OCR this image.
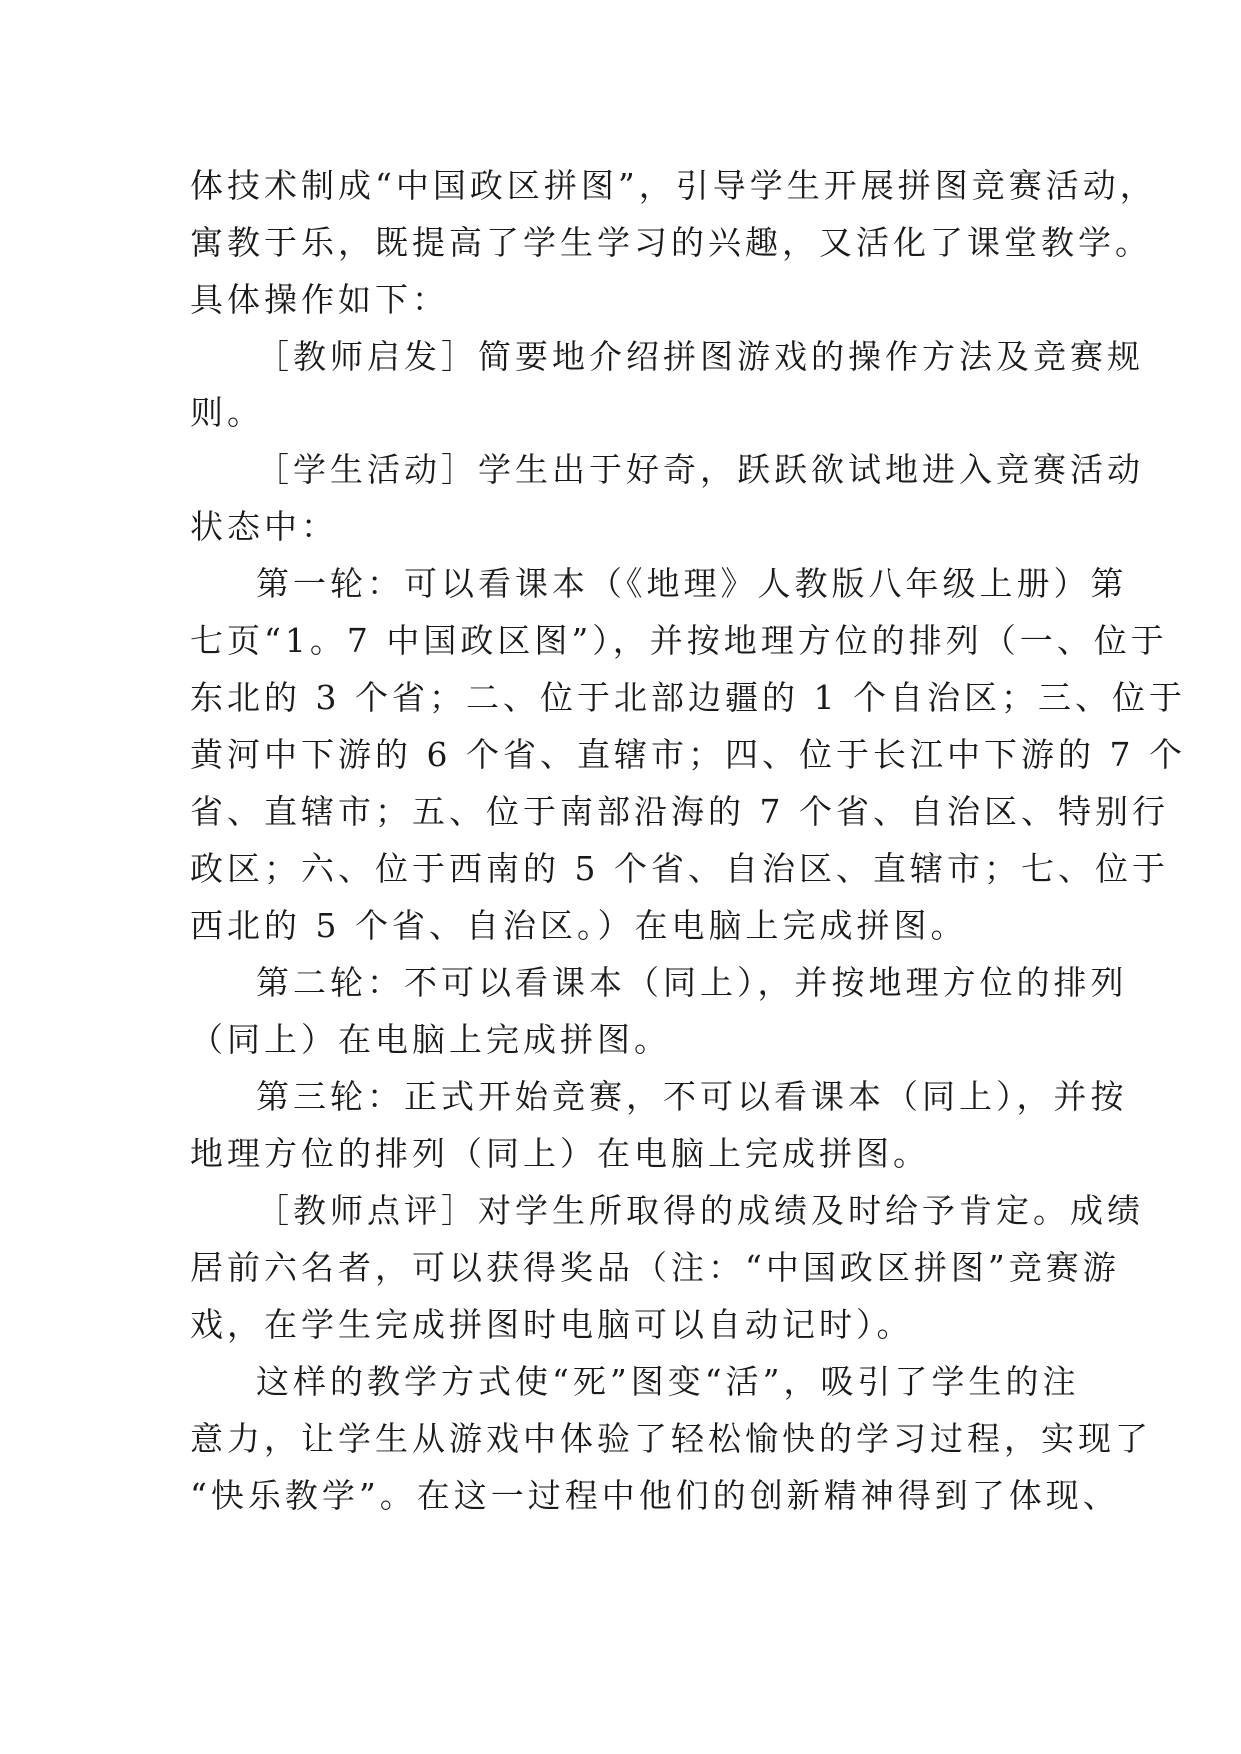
体技术制成“中国政区拼图”，引导学生开展拼图竞赛活动，
寓教于乐，既提高了学生学习的兴趣，又活化了课堂教学。
具体操作如下：
［教师启发］简要地介绍拼图游戏的操作方法及竞赛规
则。
［学生活动］学生出于好奇，跃跃欲试地进入竞赛活动
状态中：
第一轮：可以看课本（《地理》人教版八年级上册）第
七页“1。7 中国政区图”），并按地理方位的排列（一、位于
东北的 3 个省；二、位于北部边疆的 1 个自治区；三、位于
黄河中下游的 6 个省、直辖市；四、位于长江中下游的 7 个
省、直辖市；五、位于南部沿海的 7 个省、自治区、特别行
政区；六、位于西南的 5 个省、自治区、直辖市；七、位于
西北的 5 个省、自治区。）在电脑上完成拼图。
第二轮：不可以看课本（同上），并按地理方位的排列
（同上）在电脑上完成拼图。
第三轮：正式开始竞赛，不可以看课本（同上），并按
地理方位的排列（同上）在电脑上完成拼图。
［教师点评］对学生所取得的成绩及时给予肯定。成绩
居前六名者，可以获得奖品（注：“中国政区拼图”竞赛游
戏，在学生完成拼图时电脑可以自动记时）。
这样的教学方式使“死”图变“活”，吸引了学生的注
意力，让学生从游戏中体验了轻松愉快的学习过程，实现了
“快乐教学”。在这一过程中他们的创新精神得到了体现、
